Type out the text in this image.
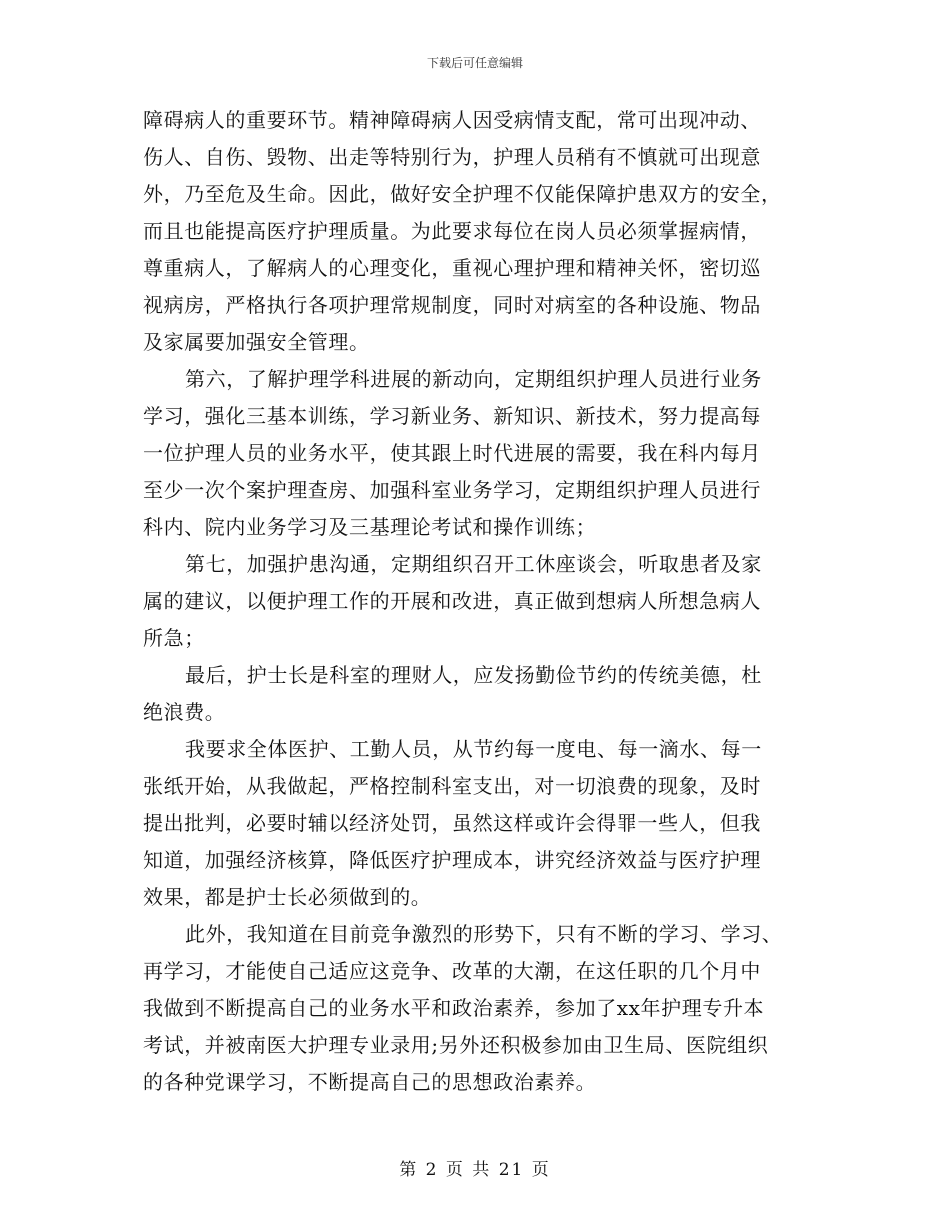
下载后可任意编辑
障碍病人的重要环节。精神障碍病人因受病情支配，常可出现冲动、
伤人、自伤、毁物、出走等特别行为，护理人员稍有不慎就可出现意
外，乃至危及生命。因此，做好安全护理不仅能保障护患双方的安全，
而且也能提高医疗护理质量。为此要求每位在岗人员必须掌握病情，
尊重病人，了解病人的心理变化，重视心理护理和精神关怀，密切巡
视病房，严格执行各项护理常规制度，同时对病室的各种设施、物品
及家属要加强安全管理。
第六，了解护理学科进展的新动向，定期组织护理人员进行业务
学习，强化三基本训练，学习新业务、新知识、新技术，努力提高每
一位护理人员的业务水平，使其跟上时代进展的需要，我在科内每月
至少一次个案护理查房、加强科室业务学习，定期组织护理人员进行
科内、院内业务学习及三基理论考试和操作训练；
第七，加强护患沟通，定期组织召开工休座谈会，听取患者及家
属的建议，以便护理工作的开展和改进，真正做到想病人所想急病人
所急；
最后，护士长是科室的理财人，应发扬勤俭节约的传统美德，杜
绝浪费。
我要求全体医护、工勤人员，从节约每一度电、每一滴水、每一
张纸开始，从我做起，严格控制科室支出，对一切浪费的现象，及时
提出批判，必要时辅以经济处罚，虽然这样或许会得罪一些人，但我
知道，加强经济核算，降低医疗护理成本，讲究经济效益与医疗护理
效果，都是护士长必须做到的。
此外，我知道在目前竞争激烈的形势下，只有不断的学习、学习、
再学习，才能使自己适应这竞争、改革的大潮，在这任职的几个月中
我做到不断提高自己的业务水平和政治素养，参加了xx年护理专升本
考试，并被南医大护理专业录用;另外还积极参加由卫生局、医院组织
的各种党课学习，不断提高自己的思想政治素养。
第 2 页 共 21 页
